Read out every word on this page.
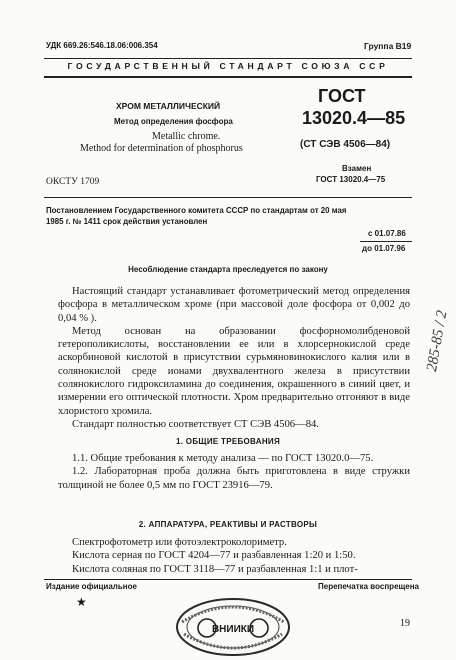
УДК 669.26:546.18.06:006.354	Группа В19
ГОСУДАРСТВЕННЫЙ СТАНДАРТ СОЮЗА ССР
ХРОМ МЕТАЛЛИЧЕСКИЙ
Метод определения фосфора
Metallic chrome.
Method for determination of phosphorus
ОКСТУ 1709
ГОСТ
13020.4—85
(СТ СЭВ 4506—84)
Взамен
ГОСТ 13020.4—75
Постановлением Государственного комитета СССР по стандартам от 20 мая
1985 г. № 1411 срок действия установлен
с 01.07.86
до 01.07.96
Несоблюдение стандарта преследуется по закону

Настоящий стандарт устанавливает фотометрический метод определения фосфора в металлическом хроме (при массовой доле фосфора от 0,002 до 0,04 % ).

Метод основан на образовании фосфорномолибденовой гетерополикислоты, восстановлении ее или в хлорсернокислой среде аскорбиновой кислотой в присутствии сурьмяновинокислого калия или в солянокислой среде ионами двухвалентного железа в присутствии солянокислого гидроксиламина до соединения, окрашенного в синий цвет, и измерении его оптической плотности. Хром предварительно отгоняют в виде хлористого хромила.

Стандарт полностью соответствует СТ СЭВ 4506—84.

285-85 / 2
1. ОБЩИЕ ТРЕБОВАНИЯ

1.1. Общие требования к методу анализа — по ГОСТ 13020.0—75.

1.2. Лабораторная проба должна быть приготовлена в виде стружки толщиной не более 0,5 мм по ГОСТ 23916—79.

2. АППАРАТУРА, РЕАКТИВЫ И РАСТВОРЫ

Спектрофотометр или фотоэлектроколориметр.

Кислота серная по ГОСТ 4204—77 и разбавленная 1:20 и 1:50.

Кислота соляная по ГОСТ 3118—77 и разбавленная 1:1 и плот-

Издание официальное	Перепечатка воспрещена
★
19
ВНИИКИ
